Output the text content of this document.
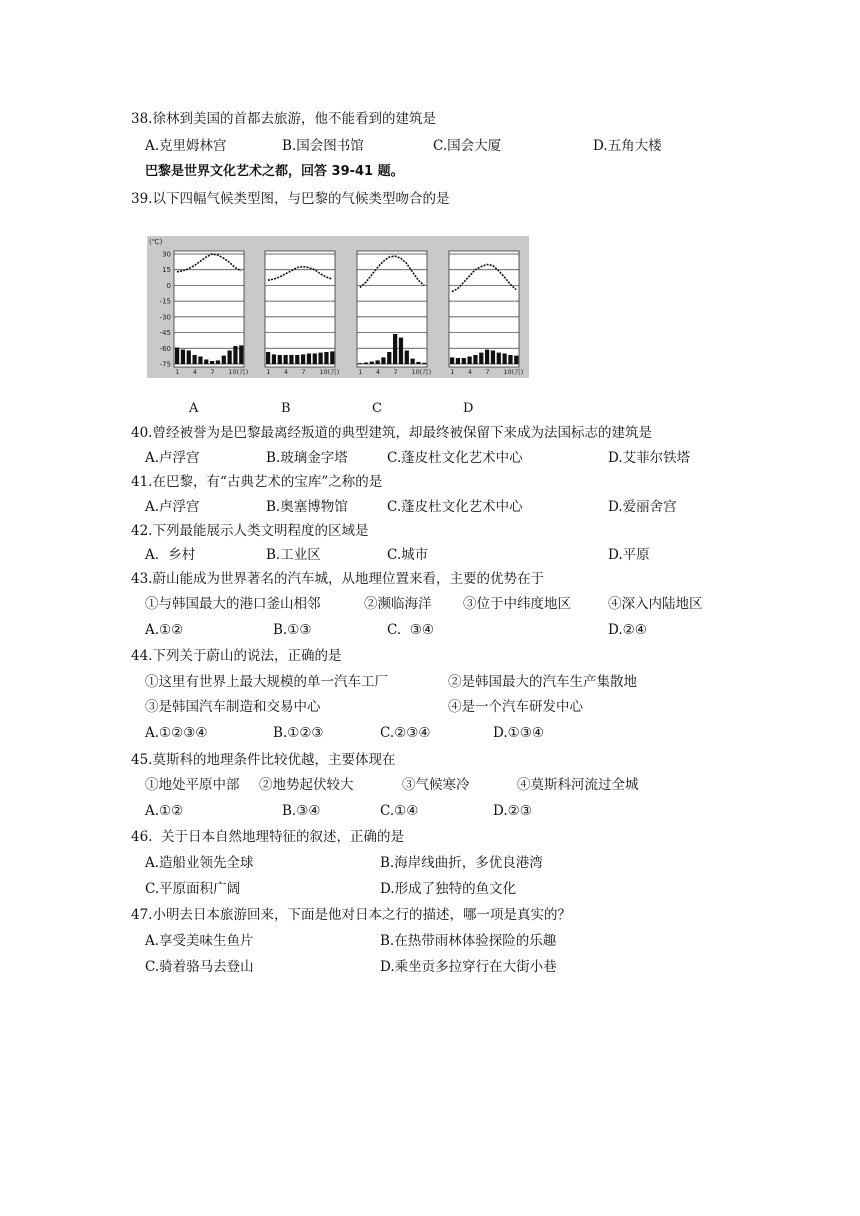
38.徐林到美国的首都去旅游，他不能看到的建筑是
A.克里姆林宫	B.国会图书馆	C.国会大厦	D.五角大楼
巴黎是世界文化艺术之都，回答 39-41 题。
39.以下四幅气候类型图，与巴黎的气候类型吻合的是
(℃)
30
15
0
-15
-30
-45
-60
-75
1 4 7 10(月)	1 4 7 10(月)	1 4 7 10(月)	1 4 7 10(月)
A	B	C	D
40.曾经被誉为是巴黎最离经叛道的典型建筑，却最终被保留下来成为法国标志的建筑是
A.卢浮宫	B.玻璃金字塔	C.蓬皮杜文化艺术中心	D.艾菲尔铁塔
41.在巴黎，有“古典艺术的宝库”之称的是
A.卢浮宫	B.奥塞博物馆	C.蓬皮杜文化艺术中心	D.爱丽舍宫
42.下列最能展示人类文明程度的区域是
A．乡村	B.工业区	C.城市	D.平原
43.蔚山能成为世界著名的汽车城，从地理位置来看，主要的优势在于
①与韩国最大的港口釜山相邻	②濒临海洋 ③位于中纬度地区	④深入内陆地区
A.①②	B.①③	C.  ③④	D.②④
44.下列关于蔚山的说法，正确的是
①这里有世界上最大规模的单一汽车工厂	②是韩国最大的汽车生产集散地
③是韩国汽车制造和交易中心	④是一个汽车研发中心
A.①②③④	B.①②③	C.②③④	D.①③④
45.莫斯科的地理条件比较优越，主要体现在
①地处平原中部 ②地势起伏较大	③气候寒冷	④莫斯科河流过全城
A.①②	B.③④	C.①④	D.②③
46.  关于日本自然地理特征的叙述，正确的是
A.造船业领先全球	B.海岸线曲折，多优良港湾
C.平原面积广阔	D.形成了独特的鱼文化
47.小明去日本旅游回来，下面是他对日本之行的描述，哪一项是真实的？
A.享受美味生鱼片	B.在热带雨林体验探险的乐趣
C.骑着骆马去登山	D.乘坐贡多拉穿行在大街小巷
